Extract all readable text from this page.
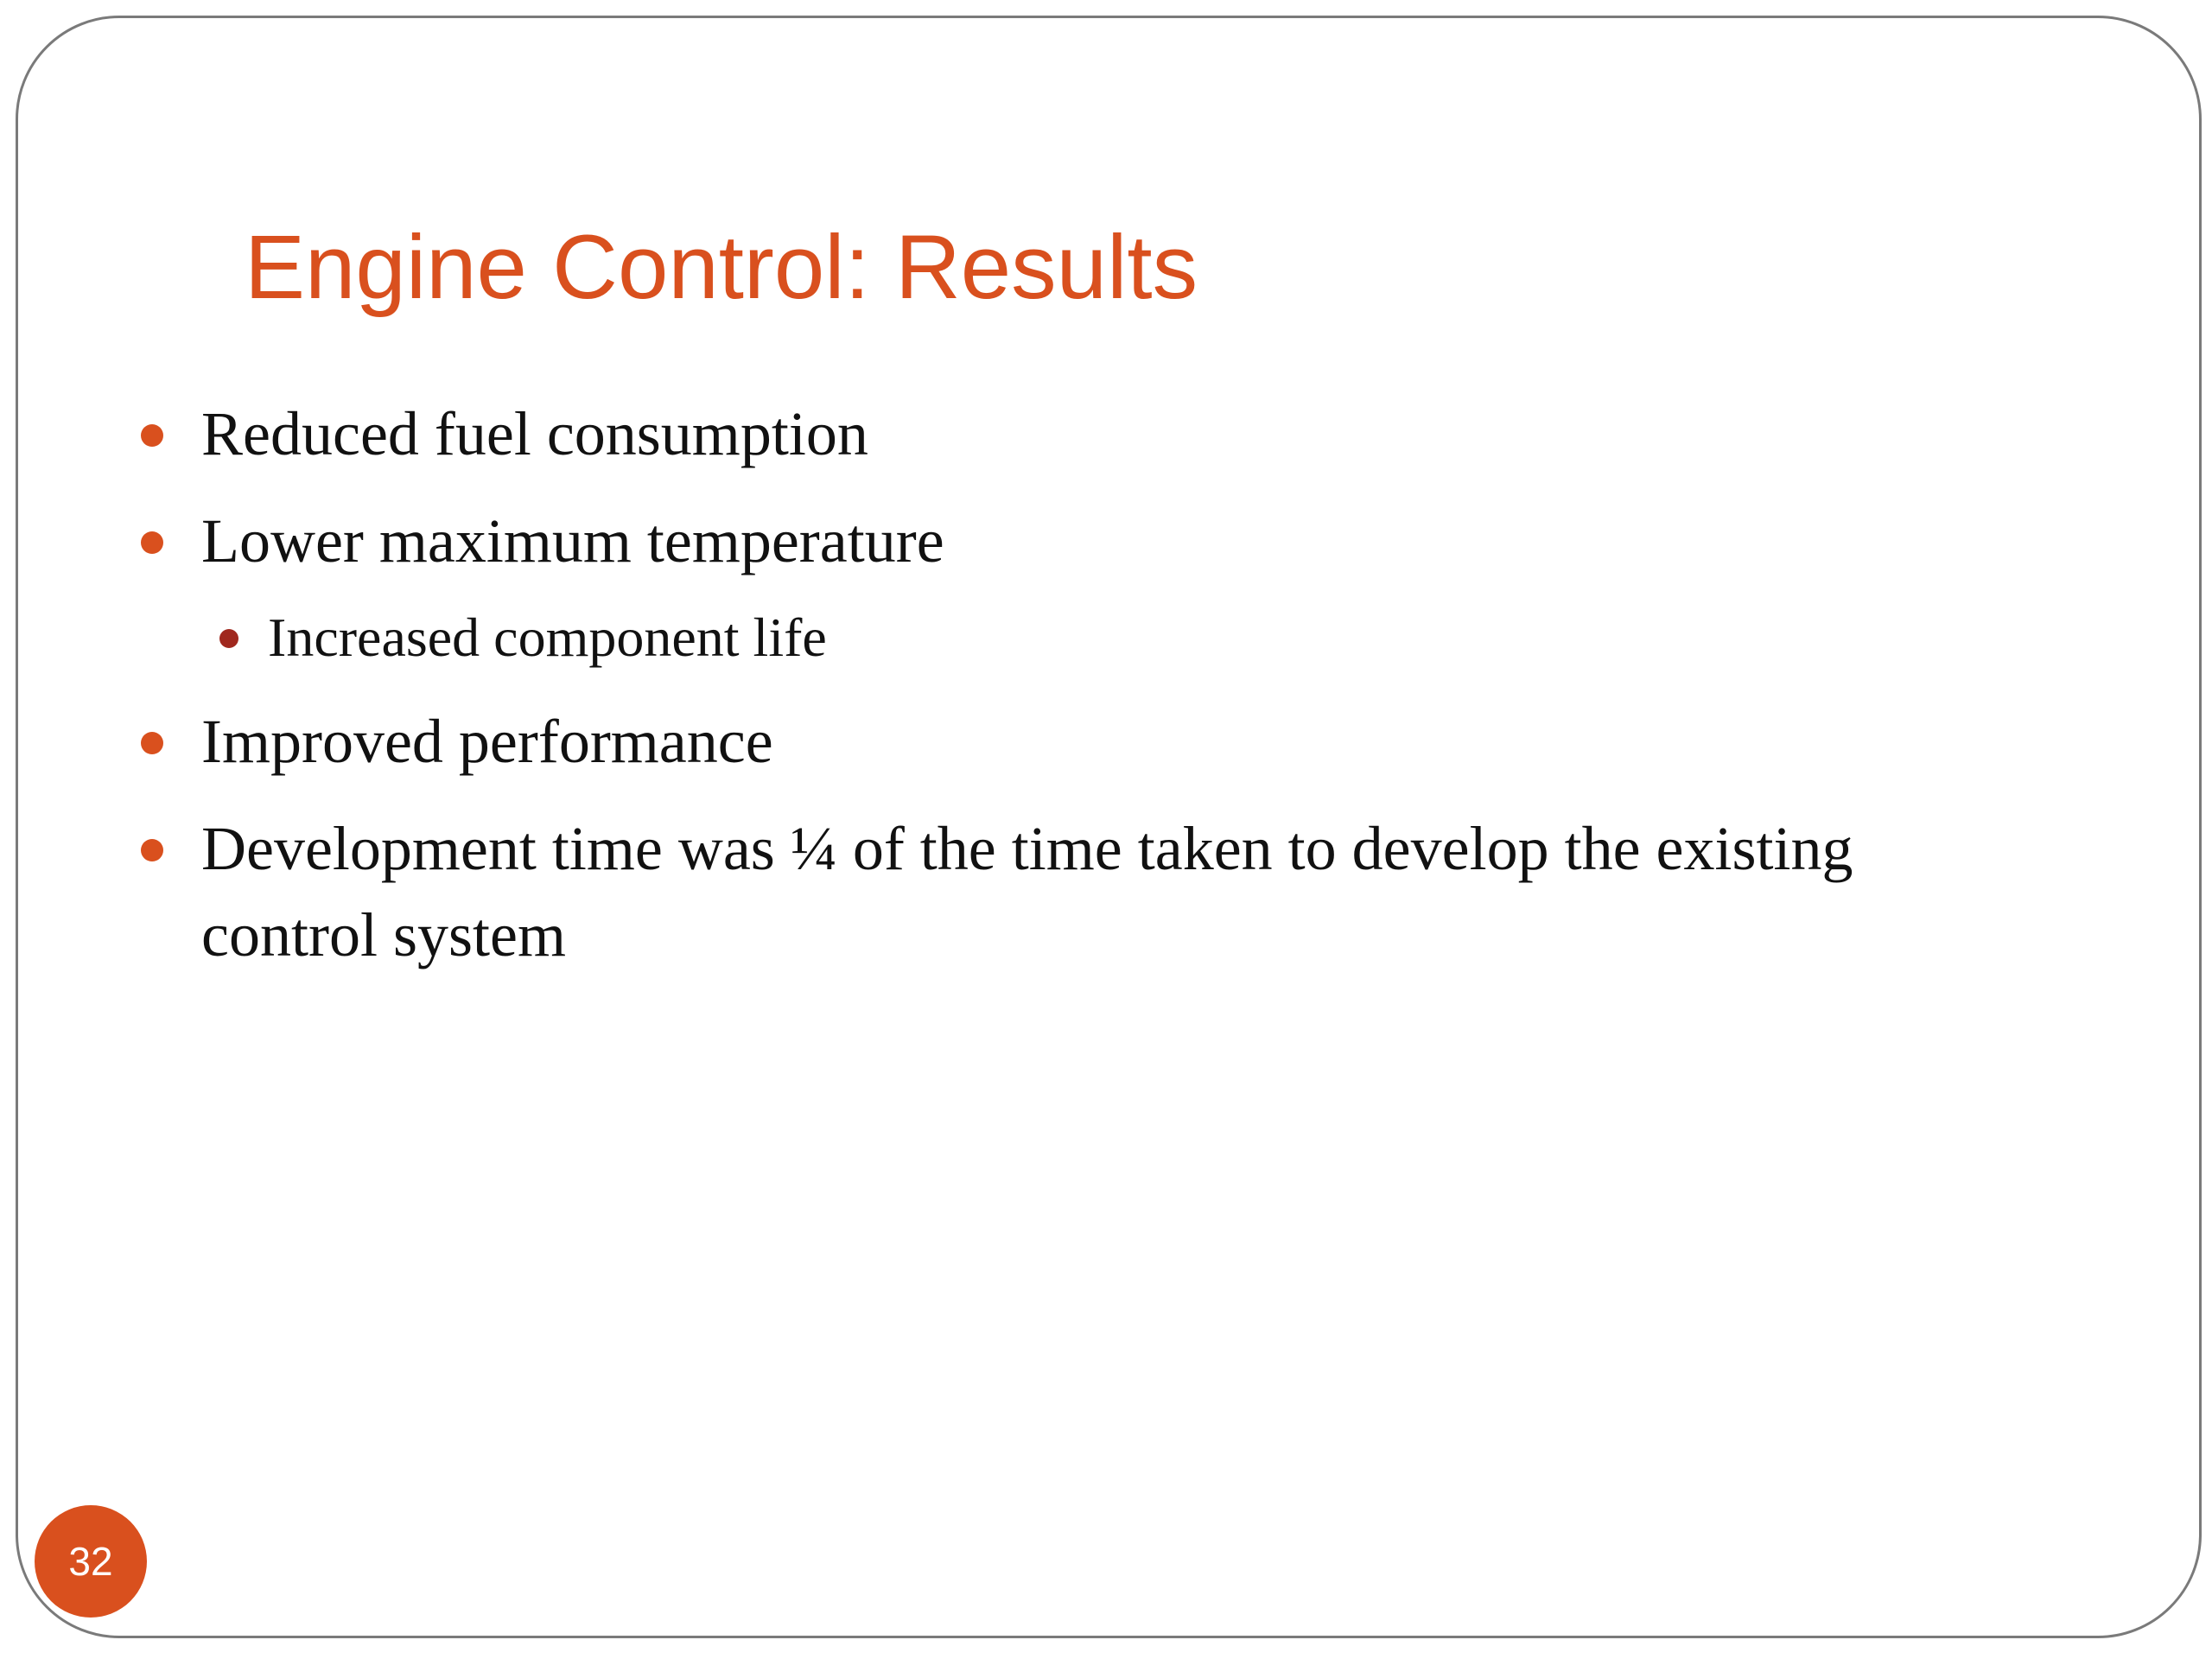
Engine Control: Results
Reduced fuel consumption
Lower maximum temperature
Increased component life
Improved performance
Development time was ¼ of the time taken to develop the existing control system
32
